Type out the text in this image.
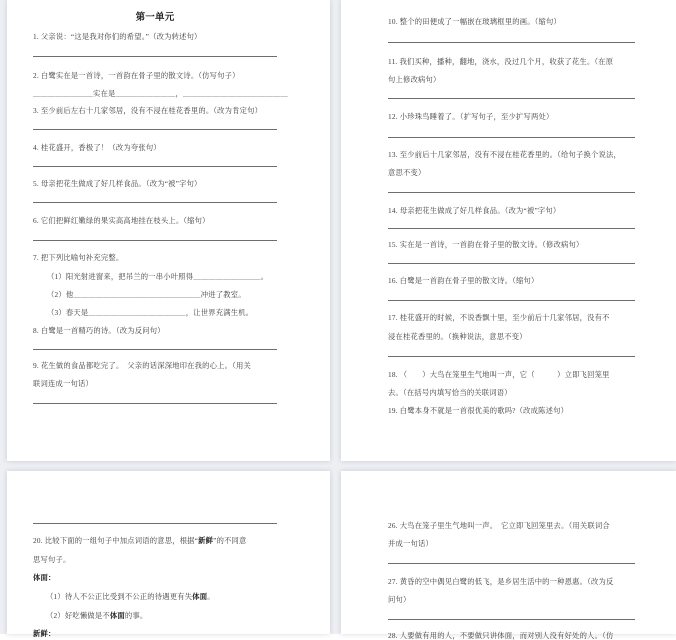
第一单元
1. 父亲说：“这是我对你们的希望。”（改为转述句）
2. 白鹭实在是一首诗，一首韵在骨子里的散文诗。（仿写句子）
＿＿＿＿＿＿＿＿实在是＿＿＿＿＿＿＿＿，＿＿＿＿＿＿＿＿＿＿＿＿＿＿
3. 至少前后左右十几家邻居，没有不浸在桂花香里的。（改为肯定句）
4. 桂花盛开，香极了！（改为夸张句）
5. 母亲把花生做成了好几样食品。（改为“被”字句）
6. 它们把鲜红嫩绿的果实高高地挂在枝头上。（缩句）
7. 把下列比喻句补充完整。
（1）阳光射进窗来，把吊兰的一串小叶照得＿＿＿＿＿＿＿＿＿。
（2）他＿＿＿＿＿＿＿＿＿＿＿＿＿＿＿＿＿冲进了教室。
（3）春天是＿＿＿＿＿＿＿＿＿＿＿＿＿，让世界充满生机。
8. 白鹭是一首精巧的诗。（改为反问句）
9. 花生做的食品都吃完了。　父亲的话深深地印在我的心上。（用关
联词连成一句话）
10. 整个的田便成了一幅嵌在玻璃框里的画。（缩句）
11. 我们买种，播种，翻地，浇水，没过几个月，收获了花生。（在原
句上修改病句）
12. 小珍珠鸟睡着了。（扩写句子，至少扩写两处）
13. 至少前后十几家邻居，没有不浸在桂花香里的。（给句子换个说法，
意思不变）
14. 母亲把花生做成了好几样食品。（改为“被”字句）
15. 实在是一首诗，一首韵在骨子里的散文诗。（修改病句）
16. 白鹭是一首韵在骨子里的散文诗。（缩句）
17. 桂花盛开的时候，不说香飘十里，至少前后十几家邻居，没有不
浸在桂花香里的。（换种说法，意思不变）
18. （　　）大鸟在笼里生气地叫一声，它（　　　）立即飞回笼里
去。（在括号内填写恰当的关联词语）
19. 白鹭本身不就是一首很优美的歌吗?（改成陈述句）
20. 比较下面的一组句子中加点词语的意思，根据“新鲜”的不同意
思写句子。
体面：
（1）待人不公正比受到不公正的待遇更有失体面。
（2）好吃懒做是不体面的事。
新鲜：
26. 大鸟在笼子里生气地叫一声。　它立即飞回笼里去。（用关联词合
并成一句话）
27. 黄昏的空中偶见白鹭的低飞，是乡居生活中的一种恩惠。（改为反
问句）
28. 人要做有用的人，不要做只讲体面，而对别人没有好处的人。（仿
